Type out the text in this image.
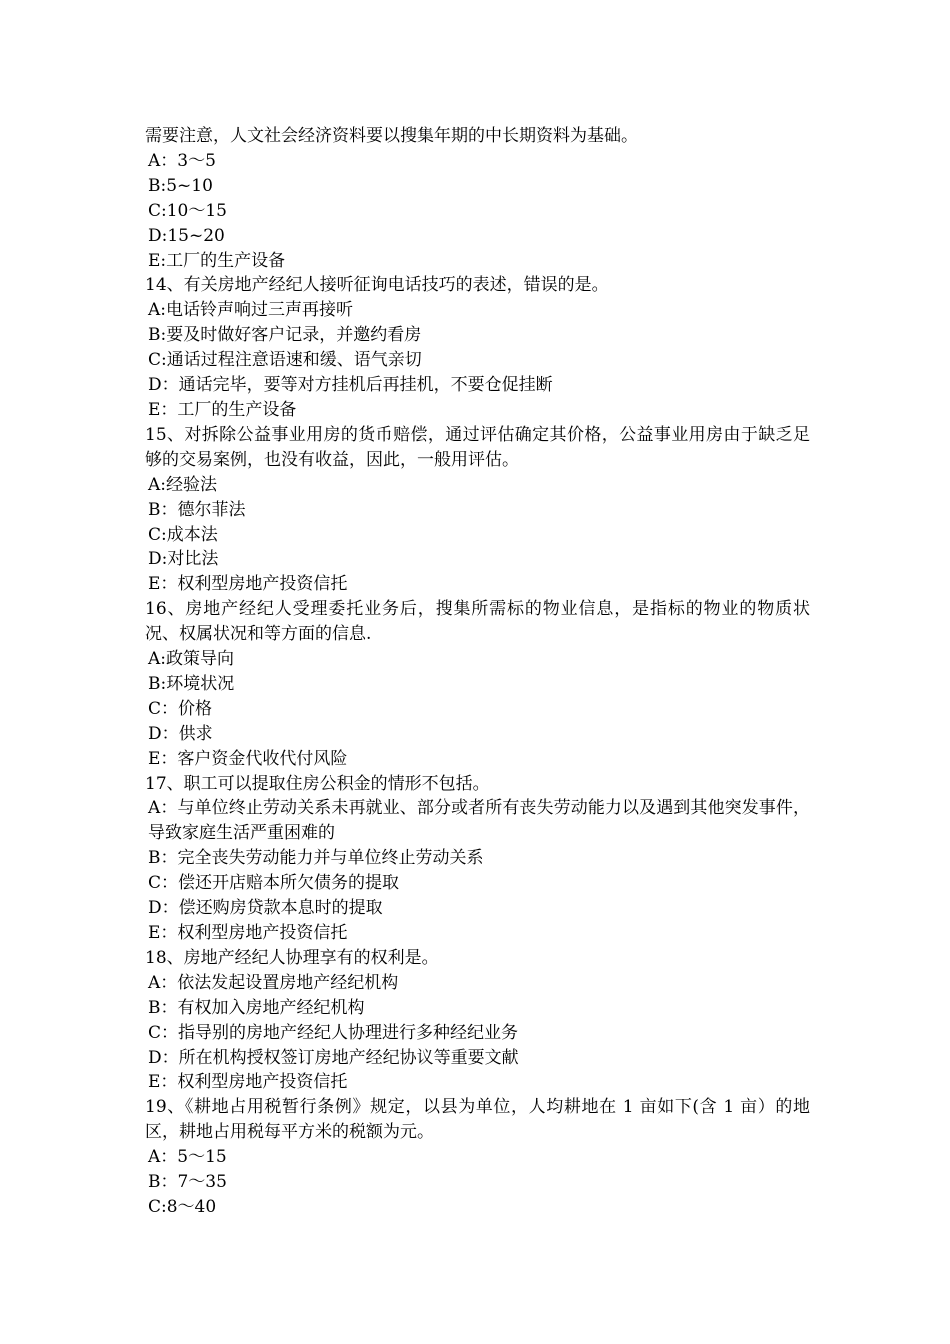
需要注意，人文社会经济资料要以搜集年期的中长期资料为基础。
A：3～5
B:5~10
C:10～15
D:15~20
E:工厂的生产设备
14、有关房地产经纪人接听征询电话技巧的表述，错误的是。
A:电话铃声响过三声再接听
B:要及时做好客户记录，并邀约看房
C:通话过程注意语速和缓、语气亲切
D：通话完毕，要等对方挂机后再挂机，不要仓促挂断
E：工厂的生产设备
15、对拆除公益事业用房的货币赔偿，通过评估确定其价格，公益事业用房由于缺乏足够的交易案例，也没有收益，因此，一般用评估。
A:经验法
B：德尔菲法
C:成本法
D:对比法
E：权利型房地产投资信托
16、房地产经纪人受理委托业务后，搜集所需标的物业信息，是指标的物业的物质状况、权属状况和等方面的信息.
A:政策导向
B:环境状况
C：价格
D：供求
E：客户资金代收代付风险
17、职工可以提取住房公积金的情形不包括。
A：与单位终止劳动关系未再就业、部分或者所有丧失劳动能力以及遇到其他突发事件，导致家庭生活严重困难的
B：完全丧失劳动能力并与单位终止劳动关系
C：偿还开店赔本所欠债务的提取
D：偿还购房贷款本息时的提取
E：权利型房地产投资信托
18、房地产经纪人协理享有的权利是。
A：依法发起设置房地产经纪机构
B：有权加入房地产经纪机构
C：指导别的房地产经纪人协理进行多种经纪业务
D：所在机构授权签订房地产经纪协议等重要文献
E：权利型房地产投资信托
19、《耕地占用税暂行条例》规定，以县为单位，人均耕地在 1 亩如下(含 1 亩）的地区，耕地占用税每平方米的税额为元。
A：5～15
B：7～35
C:8～40
